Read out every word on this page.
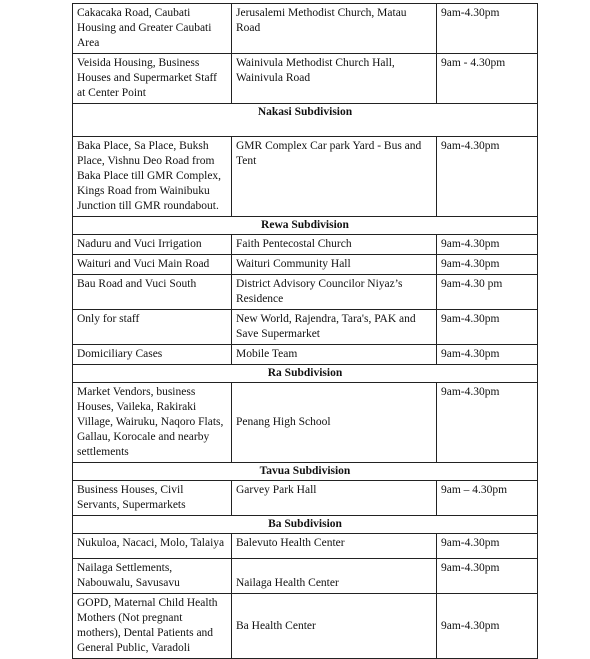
Cakacaka Road, Caubati Housing and Greater Caubati Area	Jerusalemi Methodist Church, Matau Road	9am-4.30pm
Veisida Housing, Business Houses and Supermarket Staff at Center Point	Wainivula Methodist Church Hall, Wainivula Road	9am - 4.30pm
Nakasi Subdivision		
Baka Place, Sa Place, Buksh Place, Vishnu Deo Road from Baka Place till GMR Complex, Kings Road from Wainibuku Junction till GMR roundabout.	GMR Complex Car park Yard - Bus and Tent	9am-4.30pm
Rewa Subdivision		
Naduru and Vuci Irrigation	Faith Pentecostal Church	9am-4.30pm
Waituri and Vuci Main Road	Waituri Community Hall	9am-4.30pm
Bau Road and Vuci South	District Advisory Councilor Niyaz’s Residence	9am-4.30 pm
Only for staff	New World, Rajendra, Tara's, PAK and Save Supermarket	9am-4.30pm
Domiciliary Cases	Mobile Team	9am-4.30pm
Ra Subdivision		
Market Vendors, business Houses, Vaileka, Rakiraki Village, Wairuku, Naqoro Flats, Gallau, Korocale and nearby settlements	Penang High School	9am-4.30pm
Tavua Subdivision		
Business Houses, Civil Servants, Supermarkets	Garvey Park Hall	9am – 4.30pm
Ba Subdivision		
Nukuloa, Nacaci, Molo, Talaiya	Balevuto Health Center	9am-4.30pm
Nailaga Settlements, Nabouwalu, Savusavu	Nailaga Health Center	9am-4.30pm
GOPD, Maternal Child Health Mothers (Not pregnant mothers), Dental Patients and General Public, Varadoli	Ba Health Center	9am-4.30pm
